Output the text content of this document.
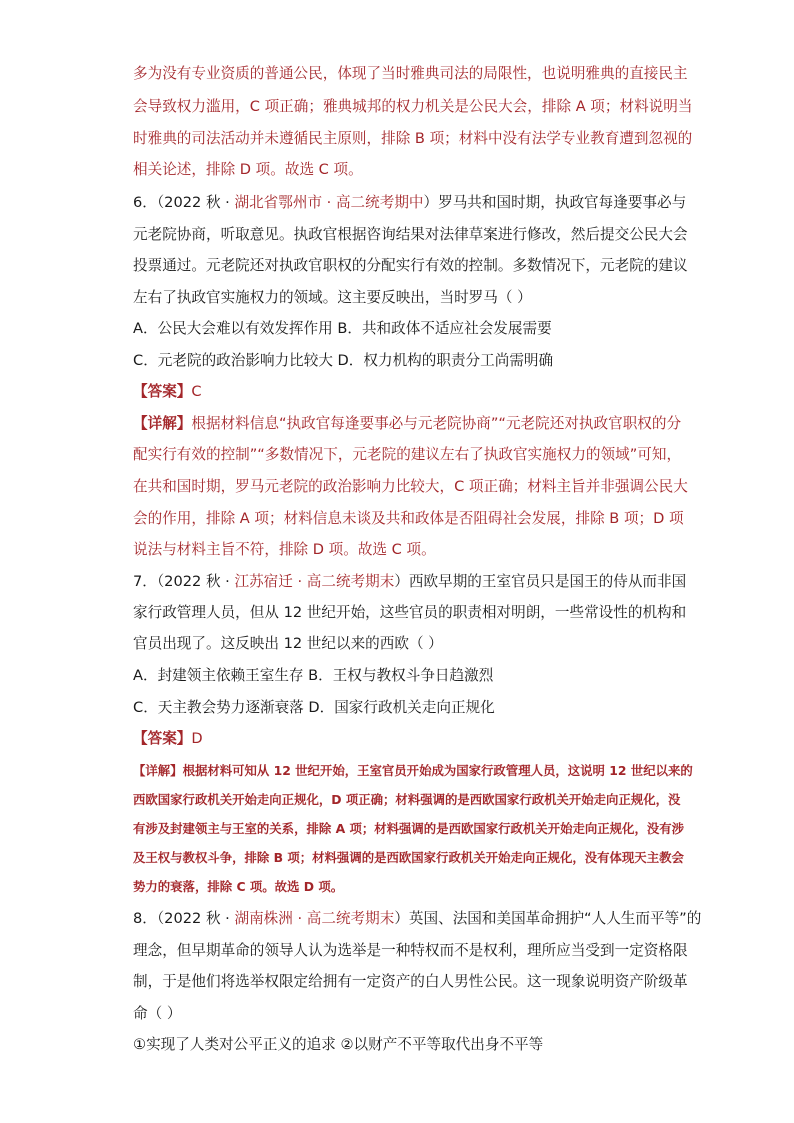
多为没有专业资质的普通公民，体现了当时雅典司法的局限性，也说明雅典的直接民主
会导致权力滥用，C 项正确；雅典城邦的权力机关是公民大会，排除 A 项；材料说明当
时雅典的司法活动并未遵循民主原则，排除 B 项；材料中没有法学专业教育遭到忽视的
相关论述，排除 D 项。故选 C 项。
6．（2022 秋 · 湖北省鄂州市 · 高二统考期中）罗马共和国时期，执政官每逢要事必与
元老院协商，听取意见。执政官根据咨询结果对法律草案进行修改，然后提交公民大会
投票通过。元老院还对执政官职权的分配实行有效的控制。多数情况下，元老院的建议
左右了执政官实施权力的领域。这主要反映出，当时罗马（ ）
A．公民大会难以有效发挥作用 B．共和政体不适应社会发展需要
C．元老院的政治影响力比较大 D．权力机构的职责分工尚需明确
【答案】C
【详解】根据材料信息“执政官每逢要事必与元老院协商”“元老院还对执政官职权的分
配实行有效的控制”“多数情况下，元老院的建议左右了执政官实施权力的领域”可知，
在共和国时期，罗马元老院的政治影响力比较大，C 项正确；材料主旨并非强调公民大
会的作用，排除 A 项；材料信息未谈及共和政体是否阻碍社会发展，排除 B 项；D 项
说法与材料主旨不符，排除 D 项。故选 C 项。
7．（2022 秋 · 江苏宿迁 · 高二统考期末）西欧早期的王室官员只是国王的侍从而非国
家行政管理人员，但从 12 世纪开始，这些官员的职责相对明朗，一些常设性的机构和
官员出现了。这反映出 12 世纪以来的西欧（ ）
A．封建领主依赖王室生存 B．王权与教权斗争日趋激烈
C．天主教会势力逐渐衰落 D．国家行政机关走向正规化
【答案】D
【详解】根据材料可知从 12 世纪开始，王室官员开始成为国家行政管理人员，这说明 12 世纪以来的
西欧国家行政机关开始走向正规化，D 项正确；材料强调的是西欧国家行政机关开始走向正规化，没
有涉及封建领主与王室的关系，排除 A 项；材料强调的是西欧国家行政机关开始走向正规化，没有涉
及王权与教权斗争，排除 B 项；材料强调的是西欧国家行政机关开始走向正规化，没有体现天主教会
势力的衰落，排除 C 项。故选 D 项。
8．（2022 秋 · 湖南株洲 · 高二统考期末）英国、法国和美国革命拥护“人人生而平等”的
理念，但早期革命的领导人认为选举是一种特权而不是权利，理所应当受到一定资格限
制，于是他们将选举权限定给拥有一定资产的白人男性公民。这一现象说明资产阶级革
命（ ）
①实现了人类对公平正义的追求 ②以财产不平等取代出身不平等
